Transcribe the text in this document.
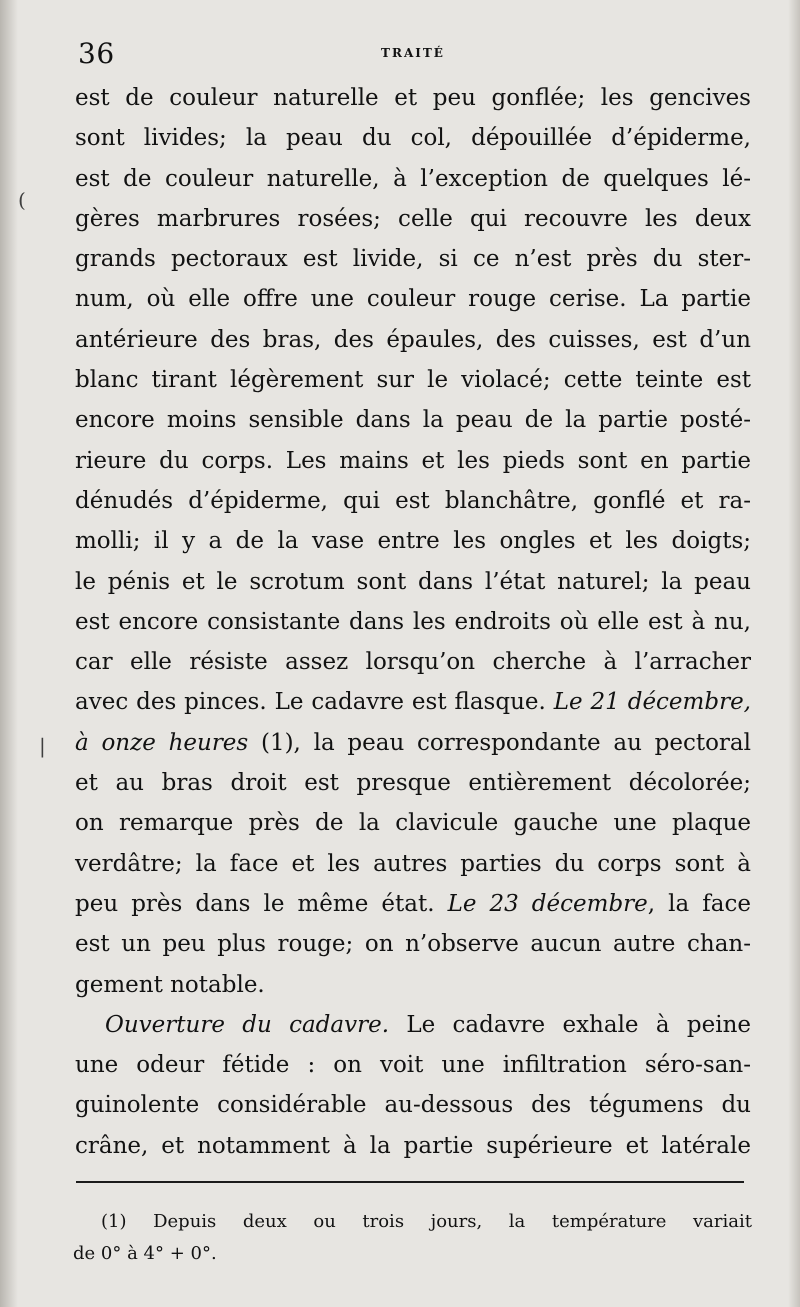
36	TRAITÉ
est de couleur naturelle et peu gonflée; les gencives
sont livides; la peau du col, dépouillée d’épiderme,
est de couleur naturelle, à l’exception de quelques lé-
gères marbrures rosées; celle qui recouvre les deux
grands pectoraux est livide, si ce n’est près du ster-
num, où elle offre une couleur rouge cerise. La partie
antérieure des bras, des épaules, des cuisses, est d’un
blanc tirant légèrement sur le violacé; cette teinte est
encore moins sensible dans la peau de la partie posté-
rieure du corps. Les mains et les pieds sont en partie
dénudés d’épiderme, qui est blanchâtre, gonflé et ra-
molli; il y a de la vase entre les ongles et les doigts;
le pénis et le scrotum sont dans l’état naturel; la peau
est encore consistante dans les endroits où elle est à nu,
car elle résiste assez lorsqu’on cherche à l’arracher
avec des pinces. Le cadavre est flasque. Le 21 décembre,
à onze heures (1), la peau correspondante au pectoral
et au bras droit est presque entièrement décolorée;
on remarque près de la clavicule gauche une plaque
verdâtre; la face et les autres parties du corps sont à
peu près dans le même état. Le 23 décembre, la face
est un peu plus rouge; on n’observe aucun autre chan-
gement notable.
Ouverture du cadavre. Le cadavre exhale à peine
une odeur fétide : on voit une infiltration séro-san-
guinolente considérable au-dessous des tégumens du
crâne, et notamment à la partie supérieure et latérale
(1) Depuis deux ou trois jours, la température variait
de 0° à 4° + 0°.
(
|
